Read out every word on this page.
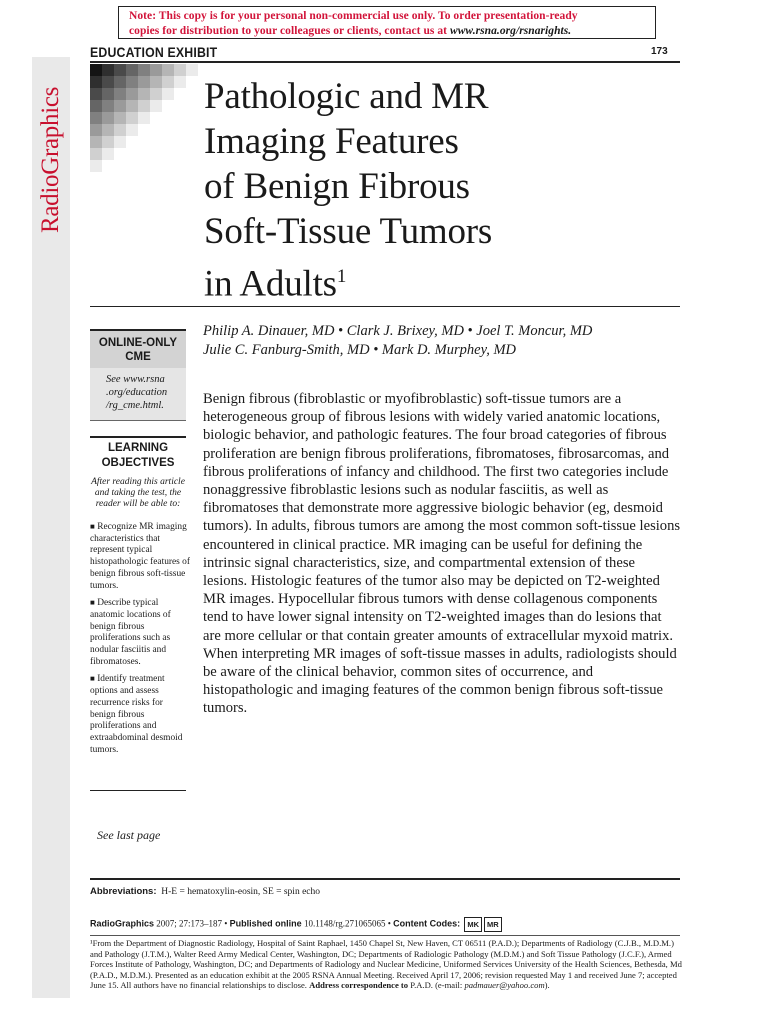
Note: This copy is for your personal non-commercial use only. To order presentation-ready
copies for distribution to your colleagues or clients, contact us at www.rsna.org/rsnarights.
RadioGraphics
EDUCATION EXHIBIT	173
Pathologic and MR
Imaging Features
of Benign Fibrous
Soft-Tissue Tumors
in Adults$^1$
Philip A. Dinauer, MD • Clark J. Brixey, MD • Joel T. Moncur, MD
Julie C. Fanburg-Smith, MD • Mark D. Murphey, MD
ONLINE-ONLY CME
See www.rsna .org/education /rg_cme.html.
LEARNING OBJECTIVES
After reading this article and taking the test, the reader will be able to:
■ Recognize MR imaging characteristics that represent typical histopathologic features of benign fibrous soft-tissue tumors.
■ Describe typical anatomic locations of benign fibrous proliferations such as nodular fasciitis and fibromatoses.
■ Identify treatment options and assess recurrence risks for benign fibrous proliferations and extraabdominal desmoid tumors.
See last page

Benign fibrous (fibroblastic or myofibroblastic) soft-tissue tumors are a heterogeneous group of fibrous lesions with widely varied anatomic locations, biologic behavior, and pathologic features. The four broad categories of fibrous proliferation are benign fibrous proliferations, fibromatoses, fibrosarcomas, and fibrous proliferations of infancy and childhood. The first two categories include nonaggressive fibroblastic lesions such as nodular fasciitis, as well as fibromatoses that demonstrate more aggressive biologic behavior (eg, desmoid tumors). In adults, fibrous tumors are among the most common soft-tissue lesions encountered in clinical practice. MR imaging can be useful for defining the intrinsic signal characteristics, size, and compartmental extension of these lesions. Histologic features of the tumor also may be depicted on T2-weighted MR images. Hypocellular fibrous tumors with dense collagenous components tend to have lower signal intensity on T2-weighted images than do lesions that are more cellular or that contain greater amounts of extracellular myxoid matrix. When interpreting MR images of soft-tissue masses in adults, radiologists should be aware of the clinical behavior, common sites of occurrence, and histopathologic and imaging features of the common benign fibrous soft-tissue tumors.

Abbreviations: H-E = hematoxylin-eosin, SE = spin echo
RadioGraphics 2007; 27:173–187 • Published online 10.1148/rg.271065065 • Content Codes: MK MR

¹From the Department of Diagnostic Radiology, Hospital of Saint Raphael, 1450 Chapel St, New Haven, CT 06511 (P.A.D.); Departments of Radiology (C.J.B., M.D.M.) and Pathology (J.T.M.), Walter Reed Army Medical Center, Washington, DC; Departments of Radiologic Pathology (M.D.M.) and Soft Tissue Pathology (J.C.F.), Armed Forces Institute of Pathology, Washington, DC; and Departments of Radiology and Nuclear Medicine, Uniformed Services University of the Health Sciences, Bethesda, Md (P.A.D., M.D.M.). Presented as an education exhibit at the 2005 RSNA Annual Meeting. Received April 17, 2006; revision requested May 1 and received June 7; accepted June 15. All authors have no financial relationships to disclose. Address correspondence to P.A.D. (e-mail: padmauer@yahoo.com).
